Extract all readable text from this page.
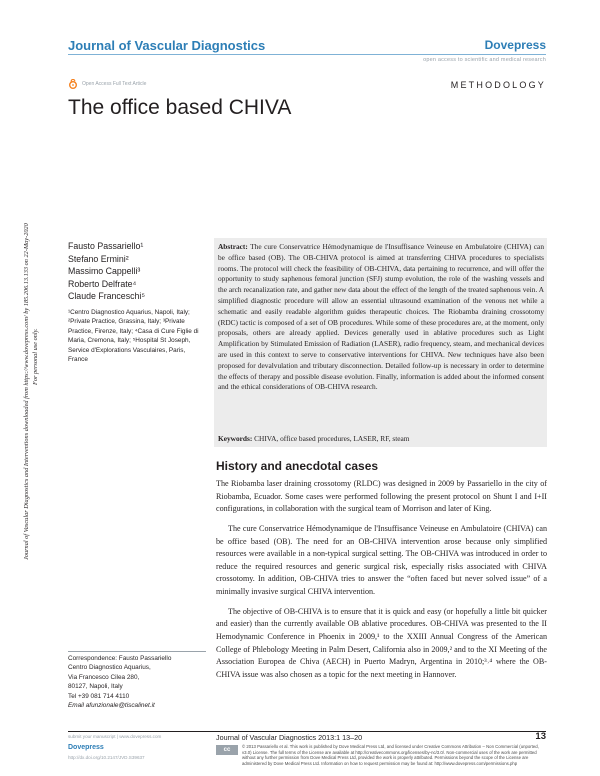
Journal of Vascular Diagnostics	Dovepress
open access to scientific and medical research
Open Access Full Text Article	METHODOLOGY
The office based CHIVA
Journal of Vascular Diagnostics and Interventions downloaded from https://www.dovepress.com/ by 185.206.13.133 on 22-May-2020 For personal use only.
Fausto Passariello¹
Stefano Ermini²
Massimo Cappelli³
Roberto Delfrate⁴
Claude Franceschi⁵
¹Centro Diagnostico Aquarius, Napoli, Italy; ²Private Practice, Grassina, Italy; ³Private Practice, Firenze, Italy; ⁴Casa di Cure Figlie di Maria, Cremona, Italy; ⁵Hospital St Joseph, Service d'Explorations Vasculaires, Paris, France
Abstract: The cure Conservatrice Hémodynamique de l'Insuffisance Veineuse en Ambulatoire (CHIVA) can be office based (OB). The OB-CHIVA protocol is aimed at transferring CHIVA procedures to specialists rooms. The protocol will check the feasibility of OB-CHIVA, data pertaining to recurrence, and will offer the opportunity to study saphenous femoral junction (SFJ) stump evolution, the role of the washing vessels and the arch recanalization rate, and gather new data about the effect of the length of the treated saphenous vein. A simplified diagnostic procedure will allow an essential ultrasound examination of the venous net while a schematic and easily readable algorithm guides therapeutic choices. The Riobamba draining crossotomy (RDC) tactic is composed of a set of OB procedures. While some of these procedures are, at the moment, only proposals, others are already applied. Devices generally used in ablative procedures such as Light Amplification by Stimulated Emission of Radiation (LASER), radio frequency, steam, and mechanical devices are used in this context to serve to conservative interventions for CHIVA. New techniques have also been proposed for devalvulation and tributary disconnection. Detailed follow-up is necessary in order to determine the effects of therapy and possible disease evolution. Finally, information is added about the informed consent and the ethical considerations of OB-CHIVA research.
Keywords: CHIVA, office based procedures, LASER, RF, steam
History and anecdotal cases

The Riobamba laser draining crossotomy (RLDC) was designed in 2009 by Passariello in the city of Riobamba, Ecuador. Some cases were performed following the present protocol on Shunt I and I+II configurations, in collaboration with the surgical team of Morrison and later of King.

The cure Conservatrice Hémodynamique de l'Insuffisance Veineuse en Ambulatoire (CHIVA) can be office based (OB). The need for an OB-CHIVA intervention arose because only simplified resources were available in a non-typical surgical setting. The OB-CHIVA was introduced in order to reduce the required resources and generic surgical risk, especially risks associated with CHIVA crossotomy. In addition, OB-CHIVA tries to answer the “often faced but never solved issue” of a minimally invasive surgical CHIVA intervention.

The objective of OB-CHIVA is to ensure that it is quick and easy (or hopefully a little bit quicker and easier) than the currently available OB ablative procedures. OB-CHIVA was presented to the II Hemodynamic Conference in Phoenix in 2009,¹ to the XXIII Annual Congress of the American College of Phlebology Meeting in Palm Desert, California also in 2009,² and to the XI Meeting of the Association Europea de Chiva (AECH) in Puerto Madryn, Argentina in 2010;³˒⁴ where the OB-CHIVA issue was also chosen as a topic for the next meeting in Hannover.

Correspondence: Fausto Passariello
Centro Diagnostico Aquarius,
Via Francesco Cilea 280,
80127, Napoli, Italy
Tel +39 081 714 4110
Email afunzionale@tiscalinet.it
submit your manuscript | www.dovepress.com
Dovepress
http://dx.doi.org/10.2147/JVD.S39637
Journal of Vascular Diagnostics 2013:1 13–20	13
cc
© 2013 Passariello et al. This work is published by Dove Medical Press Ltd, and licensed under Creative Commons Attribution – Non Commercial (unported, v3.0) License. The full terms of the License are available at http://creativecommons.org/licenses/by-nc/3.0/. Non-commercial uses of the work are permitted without any further permission from Dove Medical Press Ltd, provided the work is properly attributed. Permissions beyond the scope of the License are administered by Dove Medical Press Ltd. Information on how to request permission may be found at: http://www.dovepress.com/permissions.php
